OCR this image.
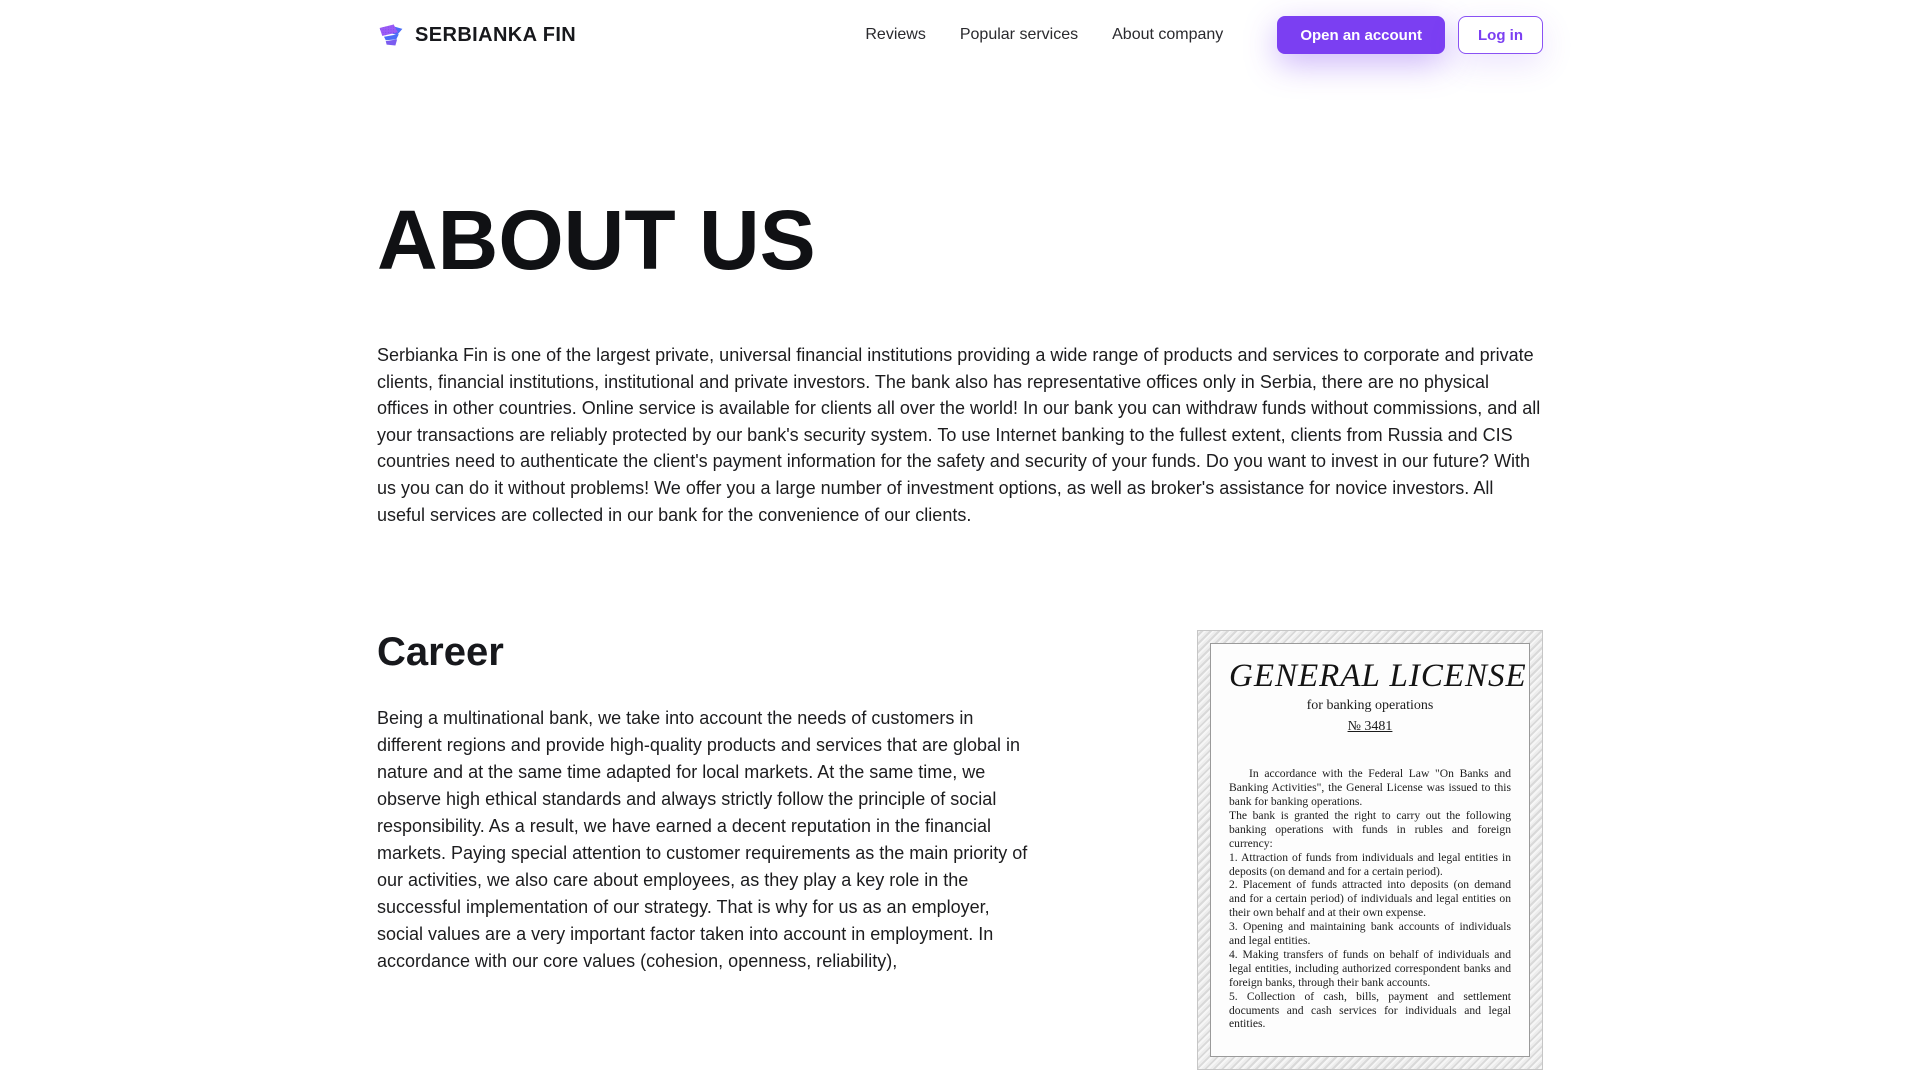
SERBIANKA FIN	Reviews Popular services About company	Open an account	Log in
ABOUT US

Serbianka Fin is one of the largest private, universal financial institutions providing a wide range of products and services to corporate and private clients, financial institutions, institutional and private investors. The bank also has representative offices only in Serbia, there are no physical offices in other countries. Online service is available for clients all over the world! In our bank you can withdraw funds without commissions, and all your transactions are reliably protected by our bank's security system. To use Internet banking to the fullest extent, clients from Russia and CIS countries need to authenticate the client's payment information for the safety and security of your funds. Do you want to invest in our future? With us you can do it without problems! We offer you a large number of investment options, as well as broker's assistance for novice investors. All useful services are collected in our bank for the convenience of our clients.

Career

Being a multinational bank, we take into account the needs of customers in different regions and provide high-quality products and services that are global in nature and at the same time adapted for local markets. At the same time, we observe high ethical standards and always strictly follow the principle of social responsibility. As a result, we have earned a decent reputation in the financial markets. Paying special attention to customer requirements as the main priority of our activities, we also care about employees, as they play a key role in the successful implementation of our strategy. That is why for us as an employer, social values are a very important factor taken into account in employment. In accordance with our core values (cohesion, openness, reliability),

GENERAL LICENSE
for banking operations
№ 3481

In accordance with the Federal Law "On Banks and Banking Activities", the General License was issued to this bank for banking operations.

The bank is granted the right to carry out the following banking operations with funds in rubles and foreign currency:

1. Attraction of funds from individuals and legal entities in deposits (on demand and for a certain period).

2. Placement of funds attracted into deposits (on demand and for a certain period) of individuals and legal entities on their own behalf and at their own expense.

3. Opening and maintaining bank accounts of individuals and legal entities.

4. Making transfers of funds on behalf of individuals and legal entities, including authorized correspondent banks and foreign banks, through their bank accounts.

5. Collection of cash, bills, payment and settlement documents and cash services for individuals and legal entities.
